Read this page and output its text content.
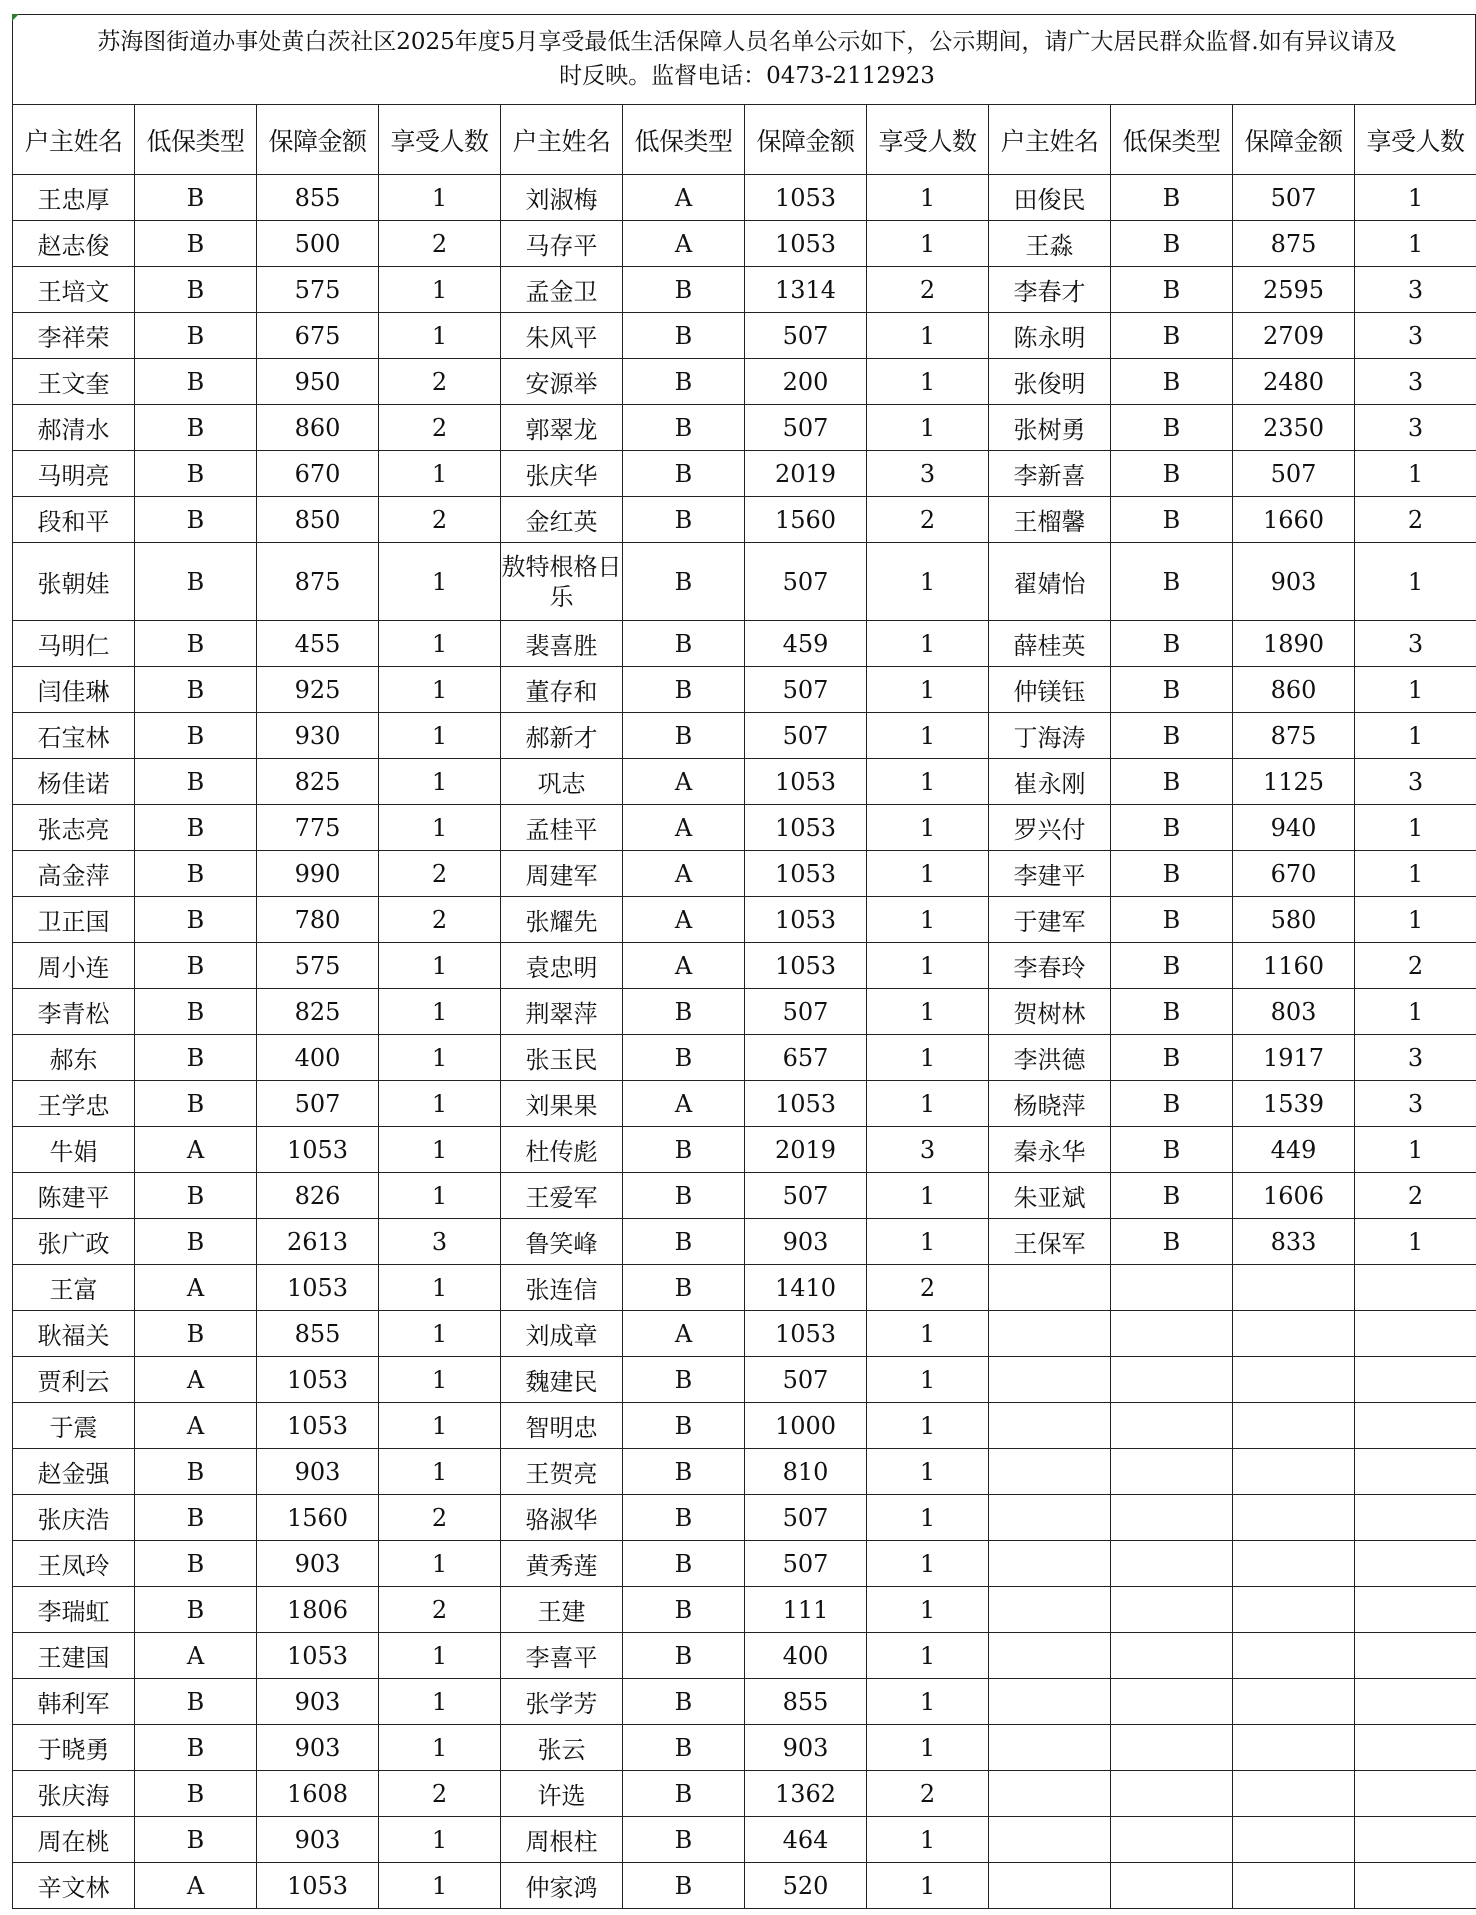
苏海图街道办事处黄白茨社区2025年度5月享受最低生活保障人员名单公示如下，公示期间，请广大居民群众监督.如有异议请及
时反映。监督电话：0473-2112923
户主姓名	低保类型	保障金额	享受人数	户主姓名	低保类型	保障金额	享受人数	户主姓名	低保类型	保障金额	享受人数
王忠厚	B	855	1	刘淑梅	A	1053	1	田俊民	B	507	1
赵志俊	B	500	2	马存平	A	1053	1	王淼	B	875	1
王培文	B	575	1	孟金卫	B	1314	2	李春才	B	2595	3
李祥荣	B	675	1	朱风平	B	507	1	陈永明	B	2709	3
王文奎	B	950	2	安源举	B	200	1	张俊明	B	2480	3
郝清水	B	860	2	郭翠龙	B	507	1	张树勇	B	2350	3
马明亮	B	670	1	张庆华	B	2019	3	李新喜	B	507	1
段和平	B	850	2	金红英	B	1560	2	王榴馨	B	1660	2
张朝娃	B	875	1	敖特根格日乐	B	507	1	翟婧怡	B	903	1
马明仁	B	455	1	裴喜胜	B	459	1	薛桂英	B	1890	3
闫佳琳	B	925	1	董存和	B	507	1	仲镁钰	B	860	1
石宝林	B	930	1	郝新才	B	507	1	丁海涛	B	875	1
杨佳诺	B	825	1	巩志	A	1053	1	崔永刚	B	1125	3
张志亮	B	775	1	孟桂平	A	1053	1	罗兴付	B	940	1
高金萍	B	990	2	周建军	A	1053	1	李建平	B	670	1
卫正国	B	780	2	张耀先	A	1053	1	于建军	B	580	1
周小连	B	575	1	袁忠明	A	1053	1	李春玲	B	1160	2
李青松	B	825	1	荆翠萍	B	507	1	贺树林	B	803	1
郝东	B	400	1	张玉民	B	657	1	李洪德	B	1917	3
王学忠	B	507	1	刘果果	A	1053	1	杨晓萍	B	1539	3
牛娟	A	1053	1	杜传彪	B	2019	3	秦永华	B	449	1
陈建平	B	826	1	王爱军	B	507	1	朱亚斌	B	1606	2
张广政	B	2613	3	鲁笑峰	B	903	1	王保军	B	833	1
王富	A	1053	1	张连信	B	1410	2				
耿福关	B	855	1	刘成章	A	1053	1				
贾利云	A	1053	1	魏建民	B	507	1				
于震	A	1053	1	智明忠	B	1000	1				
赵金强	B	903	1	王贺亮	B	810	1				
张庆浩	B	1560	2	骆淑华	B	507	1				
王凤玲	B	903	1	黄秀莲	B	507	1				
李瑞虹	B	1806	2	王建	B	111	1				
王建国	A	1053	1	李喜平	B	400	1				
韩利军	B	903	1	张学芳	B	855	1				
于晓勇	B	903	1	张云	B	903	1				
张庆海	B	1608	2	许选	B	1362	2				
周在桃	B	903	1	周根柱	B	464	1				
辛文林	A	1053	1	仲家鸿	B	520	1				
